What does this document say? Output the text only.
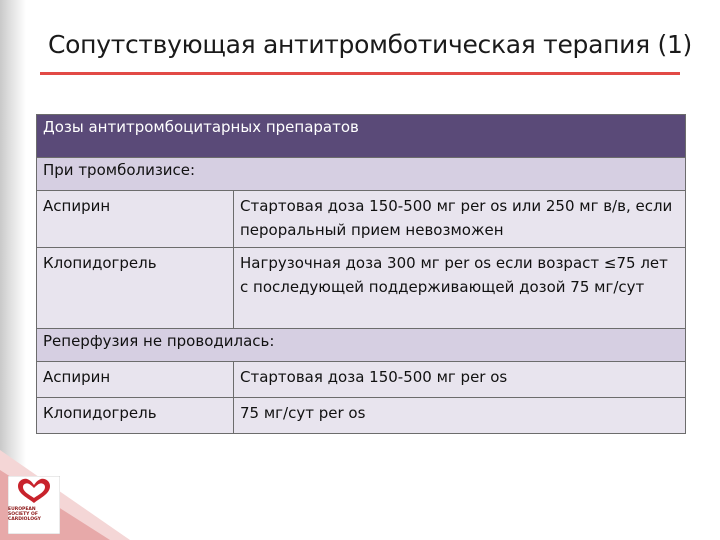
Сопутствующая антитромботическая терапия (1)
Дозы антитромбоцитарных препаратов	
При тромболизисе:	
Аспирин	Стартовая доза 150-500 мг per os или 250 мг в/в, если пероральный прием невозможен
Клопидогрель	Нагрузочная доза 300 мг per os если возраст ≤75 лет с последующей поддерживающей дозой 75 мг/сут
Реперфузия не проводилась:	
Аспирин	Стартовая доза 150-500 мг per os
Клопидогрель	75 мг/сут per os
EUROPEAN
SOCIETY OF
CARDIOLOGY
